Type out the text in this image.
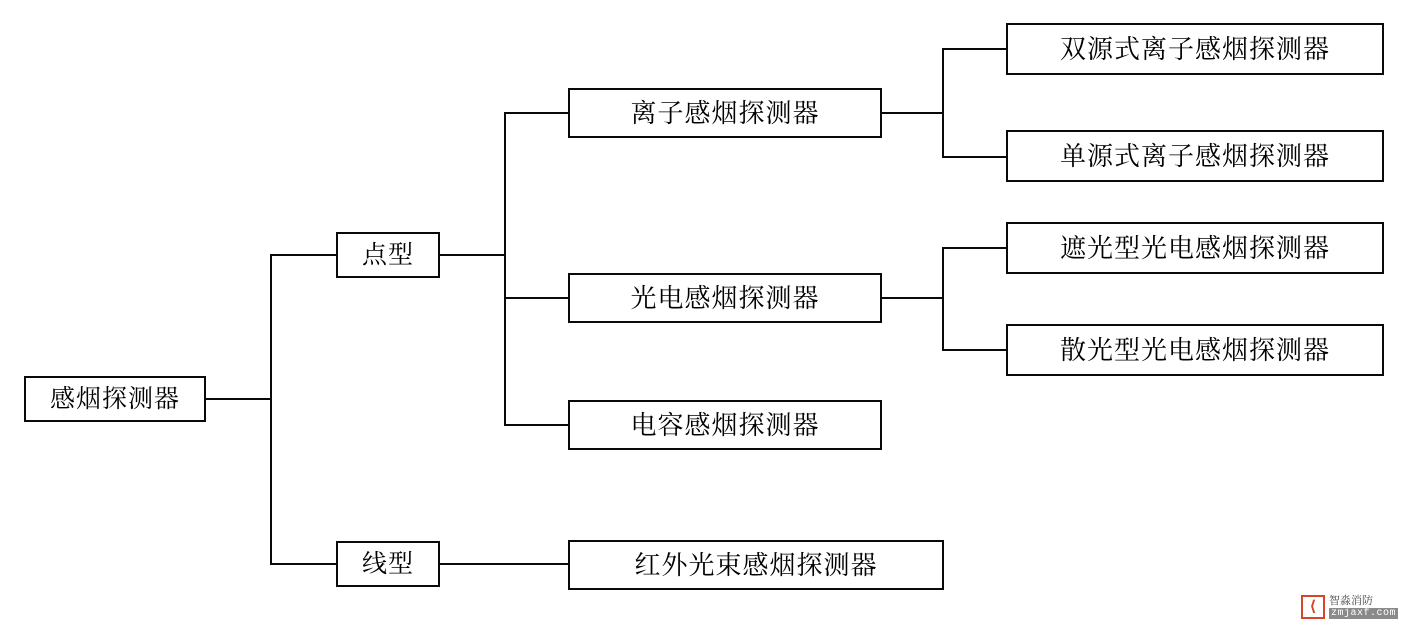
感烟探测器
点型
线型
离子感烟探测器
光电感烟探测器
电容感烟探测器
红外光束感烟探测器
双源式离子感烟探测器
单源式离子感烟探测器
遮光型光电感烟探测器
散光型光电感烟探测器
⟨	智淼消防
zmjaxf.com
